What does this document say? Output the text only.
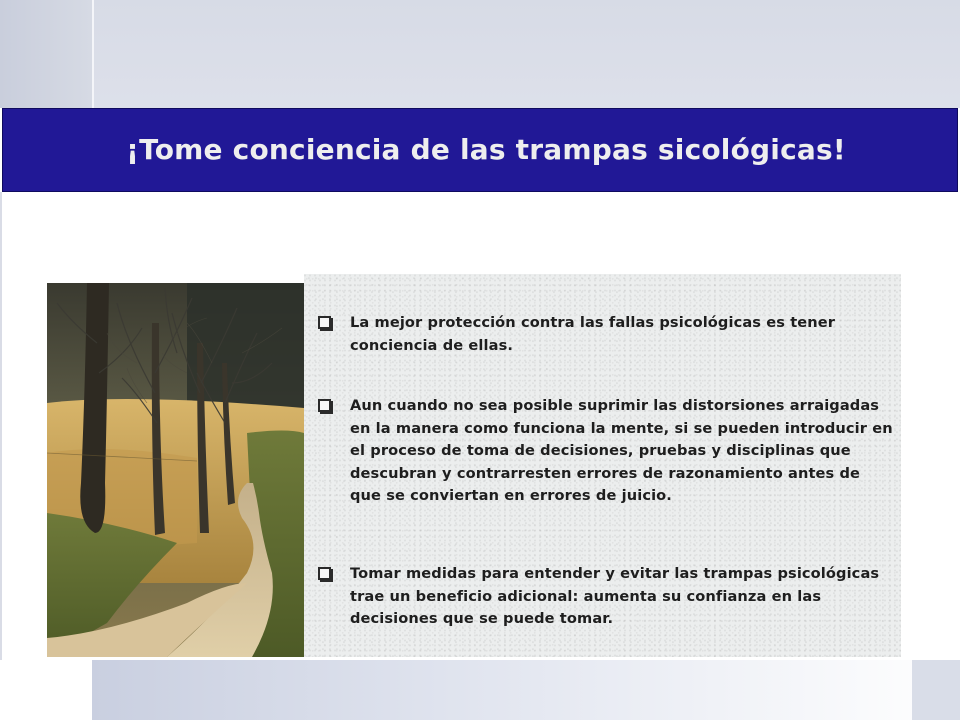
¡Tome conciencia de las trampas sicológicas!
La mejor protección contra las fallas psicológicas es tener conciencia de ellas.
Aun cuando no sea posible suprimir las distorsiones arraigadas en la manera como funciona la mente, si se pueden introducir en el proceso de toma de decisiones, pruebas y disciplinas que descubran y contrarresten errores de razonamiento antes de que se conviertan en errores de juicio.
Tomar medidas para entender y evitar las trampas psicológicas trae un beneficio adicional: aumenta su confianza en las decisiones que se puede tomar.
